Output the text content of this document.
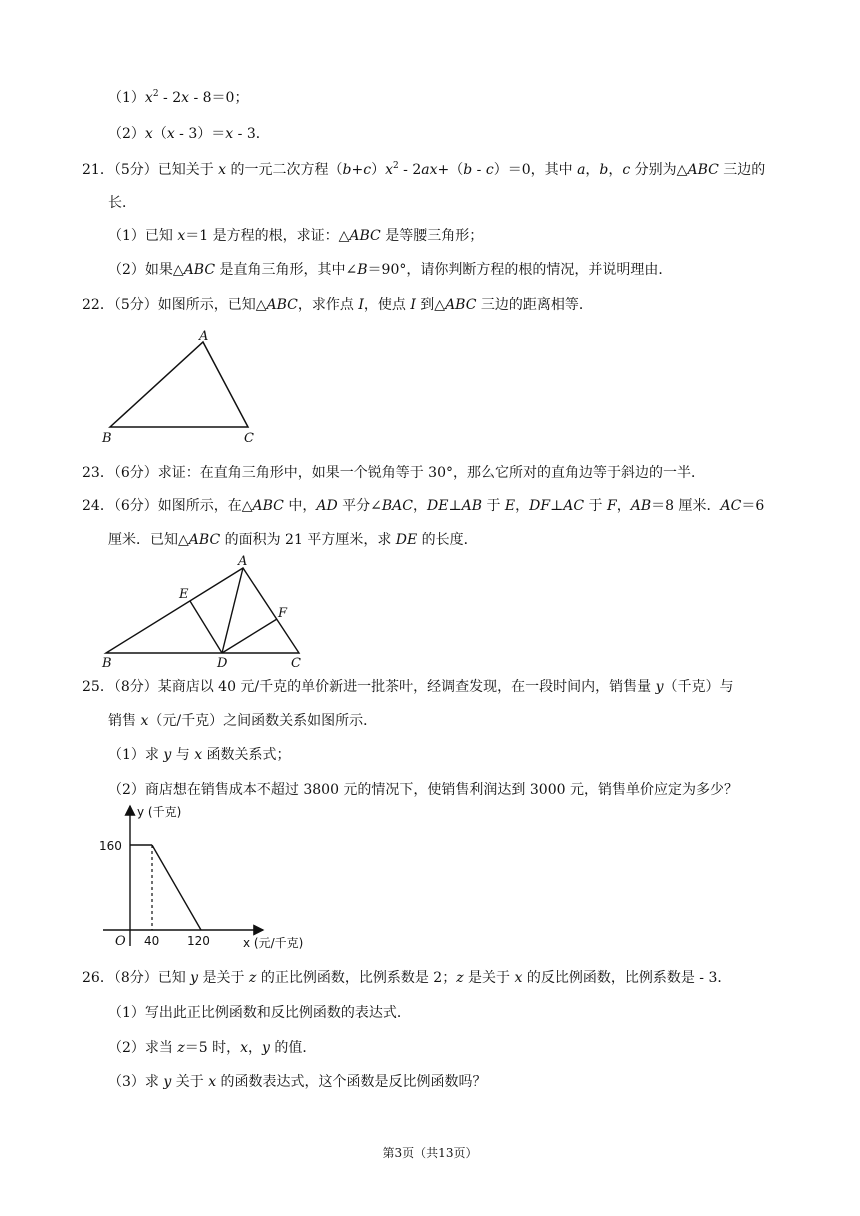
$(1)x^2$ ‑ 2x ‑ 8＝0；
（2）x（x ‑ 3）＝x ‑ 3．
21．（5分）已知关于 x 的一元二次方程$(b+c)x^2$ ‑ 2ax+（b ‑ c）＝0，其中 a，b，c 分别为△ABC 三边的
长．
（1）已知 x＝1 是方程的根，求证：△ABC 是等腰三角形；
（2）如果△ABC 是直角三角形，其中∠B＝90°，请你判断方程的根的情况，并说明理由．
22．（5分）如图所示，已知△ABC，求作点 I，使点 I 到△ABC 三边的距离相等．
A
B	C
23．（6分）求证：在直角三角形中，如果一个锐角等于 30°，那么它所对的直角边等于斜边的一半．
24．（6分）如图所示，在△ABC 中，AD 平分∠BAC，DE⊥AB 于 E，DF⊥AC 于 F，AB＝8 厘米．AC＝6
厘米．已知△ABC 的面积为 21 平方厘米，求 DE 的长度．
A
B	C
D
E
F
25．（8分）某商店以 40 元/千克的单价新进一批茶叶，经调查发现，在一段时间内，销售量 y（千克）与
销售 x（元/千克）之间函数关系如图所示．
（1）求 y 与 x 函数关系式；
（2）商店想在销售成本不超过 3800 元的情况下，使销售利润达到 3000 元，销售单价应定为多少？
y (千克)
x (元/千克)
O
160
40 120
26．（8分）已知 y 是关于 z 的正比例函数，比例系数是 2；z 是关于 x 的反比例函数，比例系数是 ‑ 3．
（1）写出此正比例函数和反比例函数的表达式．
（2）求当 z＝5 时，x，y 的值．
（3）求 y 关于 x 的函数表达式，这个函数是反比例函数吗？
第3页（共13页）
